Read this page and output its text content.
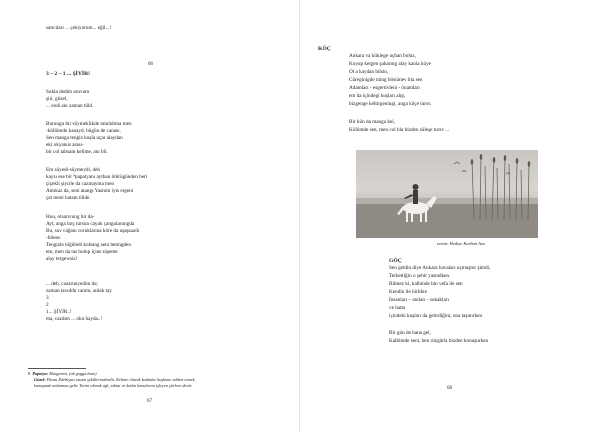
satıcıları ... çekiyorum... eğil...!
66
3 – 2 – 1 ... ŞİYİR!
Sokla dedim aruvum
şiir, güzel,
... endi anı zaman tüld.
Burungu bir süymeklikde tutulubma men
-köllümde kanayd, bügün de canası.
Sen manga tengiz kuşla uçar alaydan
eki okyanus arası-
bir col tabsam kelime, anı bil.
Em süyedi-süymeydi, deh
kaysı ese bir ⁸papatyanı aythan ötürügünden beri
çiçekli şiyirle da cazmayma men
Antıkaz da, seni atangı Yasmin iyis ergeni
çat meni hatam tülde.
Hou, olsarıvung bir da-
Ayt, anga tınç tursun cayak çangularungda
Bu, suv cağanı coruklarına köre da uşaşsazdı
-bilese.
Tengizle töğüledi kolsang seni betingden
em, men da tas bolup içine tüşeme
alay tergewsiz!
... deb, cazarunyedim da;
zaman tavuldu canım, anlak tay
3
2
1... ŞİYİR..!
ma, cazdım ... oku hayda..!
8 Papatya: Margarita, (ak gogga hanı)
Güzel: Divan Edebiyatı nazım şekillerindendir. Kelime olarak kadınlar kuşkane sohbet etmek,
konuşmak anlamına gelir. Terim olarak aşk, tabiat ve kadın konularını işleyen şiirlere denir.
67
KÖÇ
Ankara va küklege uçhan boluz,
Koyup ketgen şaharıng alay kanla küye
Ol a kaydan bilsin,
Cüreginigde ming bösümev bla sen
Adamları - esgertivleni - önamları
em da içindegi kuşları alıp,
bizgenge keltirgeningi, anga köçe tursv.
Bir kün da manga kel,
Kölümde sen, men col bla bizden süleşe tursv ...
resim: Hediye Kurban Ava
GÖÇ
Sen geldin diye Ankara havaları uçmuştur şimdi,
Terkettiğin o şehir yastadken.
Bilmez ki, kalbinde bin vefa ile sen
Kendin ile birlikte
İnsanları – anıları - sokakları
ve hatta
içindeki kuşları da getirdiğini, ona taşınırken
Bir gün de bana gel,
Kalbimde seni, ben rüzgârla bizden konuşurken
68
